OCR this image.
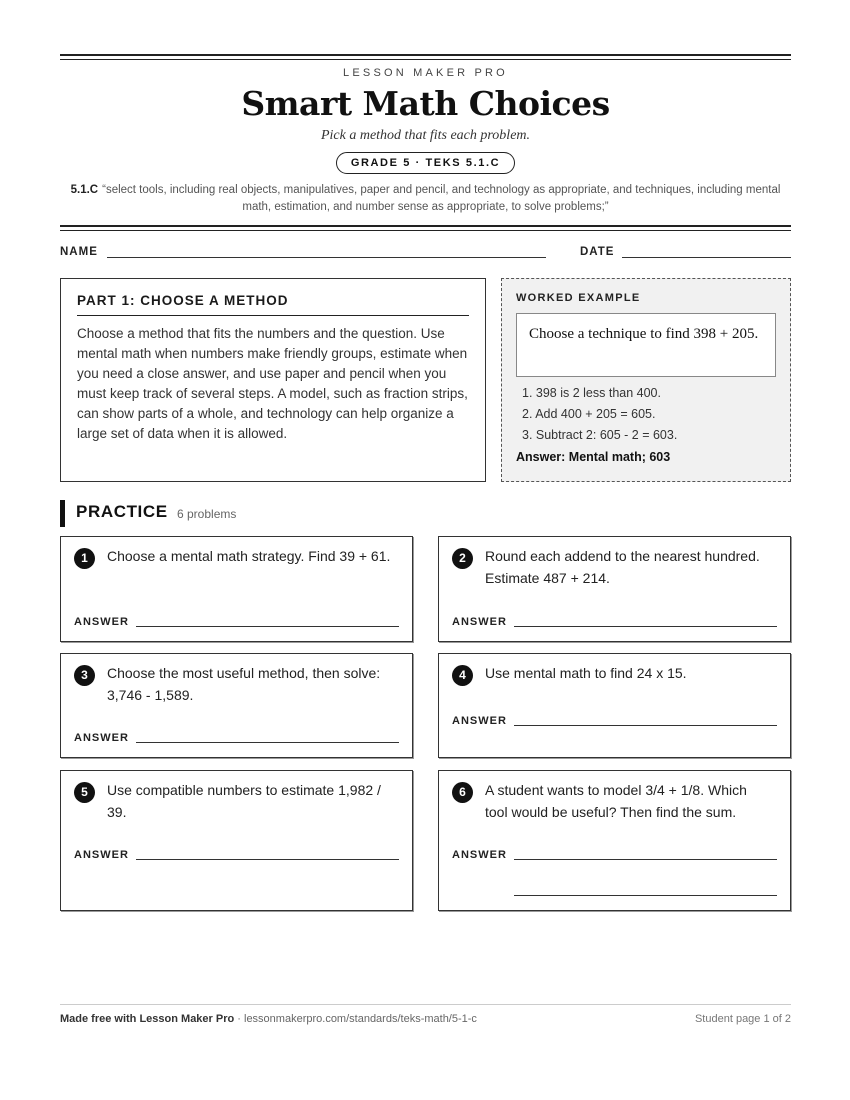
LESSON MAKER PRO
Smart Math Choices
Pick a method that fits each problem.
GRADE 5 · TEKS 5.1.C
5.1.C “select tools, including real objects, manipulatives, paper and pencil, and technology as appropriate, and techniques, including mental math, estimation, and number sense as appropriate, to solve problems;”
NAME	DATE
PART 1: CHOOSE A METHOD

Choose a method that fits the numbers and the question. Use mental math when numbers make friendly groups, estimate when you need a close answer, and use paper and pencil when you must keep track of several steps. A model, such as fraction strips, can show parts of a whole, and technology can help organize a large set of data when it is allowed.

WORKED EXAMPLE
Choose a technique to find 398 + 205.
1. 398 is 2 less than 400.
2. Add 400 + 205 = 605.
3. Subtract 2: 605 - 2 = 603.
Answer: Mental math; 603
PRACTICE 6 problems
1	Choose a mental math strategy. Find 39 + 61.
ANSWER
2	Round each addend to the nearest hundred. Estimate 487 + 214.
ANSWER
3	Choose the most useful method, then solve: 3,746 - 1,589.
ANSWER
4	Use mental math to find 24 x 15.
ANSWER
5	Use compatible numbers to estimate 1,982 / 39.
ANSWER
6	A student wants to model 3/4 + 1/8. Which tool would be useful? Then find the sum.
ANSWER
Made free with Lesson Maker Pro · lessonmakerpro.com/standards/teks-math/5-1-c	Student page 1 of 2
